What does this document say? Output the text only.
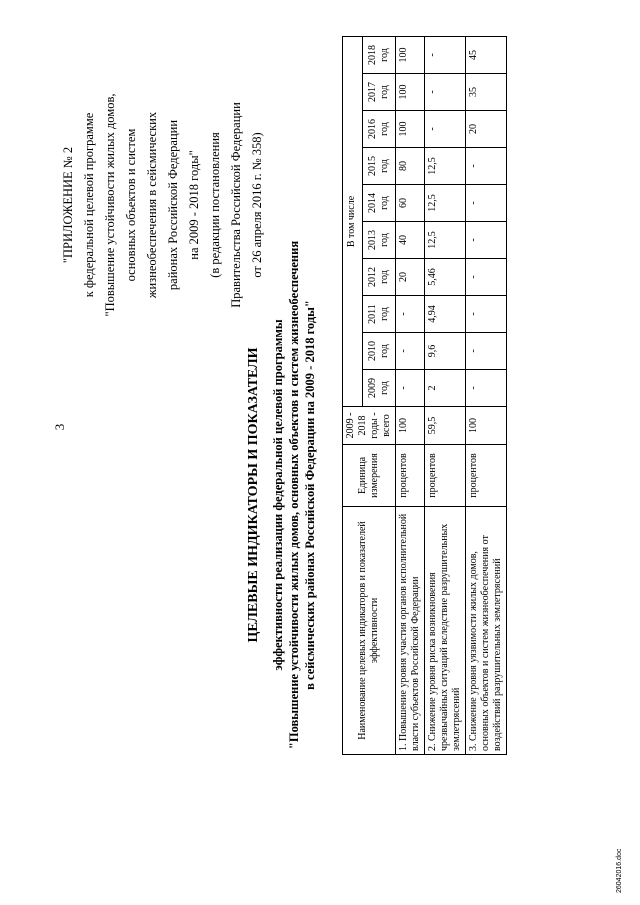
3
"ПРИЛОЖЕНИЕ № 2 к федеральной целевой программе "Повышение устойчивости жилых домов, основных объектов и систем жизнеобеспечения в сейсмических районах Российской Федерации на 2009 - 2018 годы" (в редакции постановления Правительства Российской Федерации от 26 апреля 2016 г. № 358)
ЦЕЛЕВЫЕ ИНДИКАТОРЫ И ПОКАЗАТЕЛИ эффективности реализации федеральной целевой программы "Повышение устойчивости жилых домов, основных объектов и систем жизнеобеспечения в сейсмических районах Российской Федерации на 2009 - 2018 годы"	Наименование целевых индикаторов и показателей эффективности	Единица измерения	2009 - 2018 годы - всего	В том числе									
			2009 год	2010 год	2011 год	2012 год	2013 год	2014 год	2015 год	2016 год	2017 год	2018 год
1. Повышение уровня участия органов исполнительной власти субъектов Российской Федерации	процентов	100	-	-	-	20	40	60	80	100	100	100
2. Снижение уровня риска возникновения чрезвычайных ситуаций вследствие разрушительных землетрясений	процентов	59,5	2	9,6	4,94	5,46	12,5	12,5	12,5	-	-	-
3. Снижение уровня уязвимости жилых домов, основных объектов и систем жизнеобеспечения от воздействий разрушительных землетрясений	процентов	100	-	-	-	-	-	-	-	20	35	45
26042016.doc
